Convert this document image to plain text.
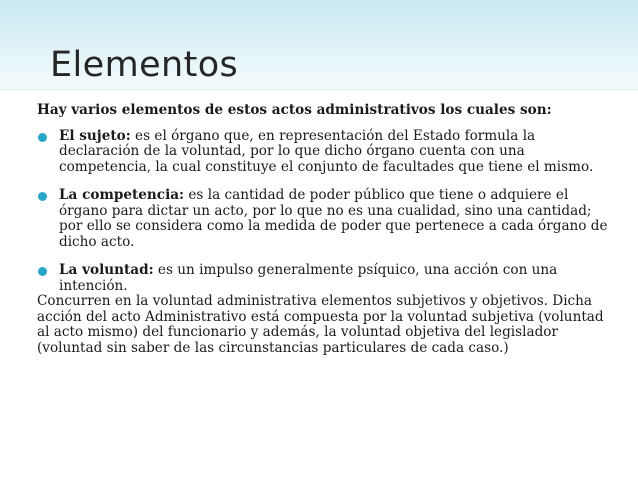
Elementos

Hay varios elementos de estos actos administrativos los cuales son:

El sujeto: es el órgano que, en representación del Estado formula la declaración de la voluntad, por lo que dicho órgano cuenta con una competencia, la cual constituye el conjunto de facultades que tiene el mismo.
La competencia: es la cantidad de poder público que tiene o adquiere el órgano para dictar un acto, por lo que no es una cualidad, sino una cantidad; por ello se considera como la medida de poder que pertenece a cada órgano de dicho acto.
La voluntad: es un impulso generalmente psíquico, una acción con una intención.

Concurren en la voluntad administrativa elementos subjetivos y objetivos. Dicha acción del acto Administrativo está compuesta por la voluntad subjetiva (voluntad al acto mismo) del funcionario y además, la voluntad objetiva del legislador (voluntad sin saber de las circunstancias particulares de cada caso.)
